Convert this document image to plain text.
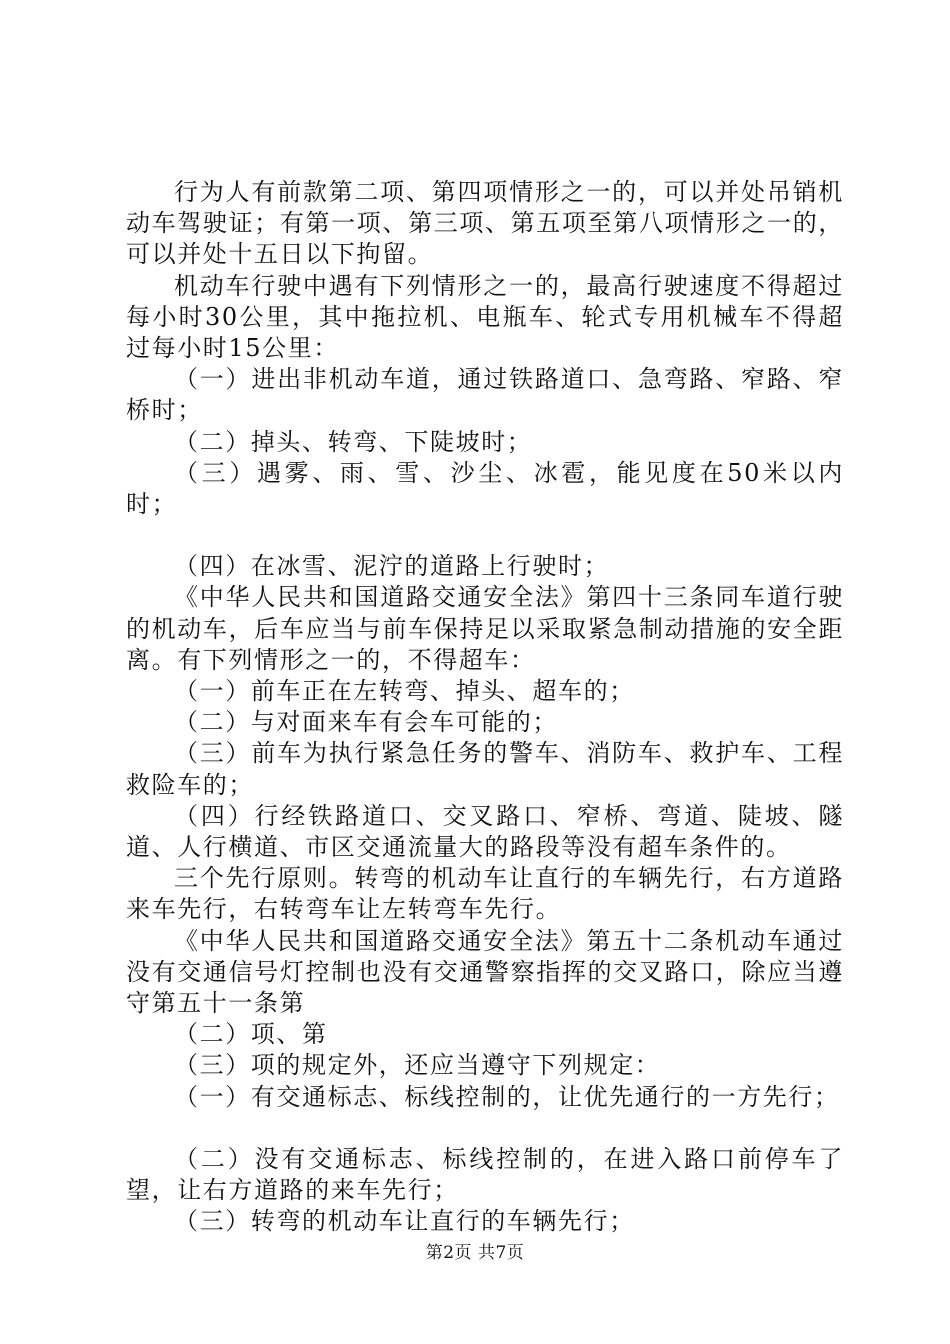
行为人有前款第二项、第四项情形之一的，可以并处吊销机动车驾驶证；有第一项、第三项、第五项至第八项情形之一的，可以并处十五日以下拘留。

机动车行驶中遇有下列情形之一的，最高行驶速度不得超过每小时30公里，其中拖拉机、电瓶车、轮式专用机械车不得超过每小时15公里：

（一）进出非机动车道，通过铁路道口、急弯路、窄路、窄桥时；

（二）掉头、转弯、下陡坡时；

（三）遇雾、雨、雪、沙尘、冰雹，能见度在50米以内时；

（四）在冰雪、泥泞的道路上行驶时；

《中华人民共和国道路交通安全法》第四十三条同车道行驶的机动车，后车应当与前车保持足以采取紧急制动措施的安全距离。有下列情形之一的，不得超车：

（一）前车正在左转弯、掉头、超车的；

（二）与对面来车有会车可能的；

（三）前车为执行紧急任务的警车、消防车、救护车、工程救险车的；

（四）行经铁路道口、交叉路口、窄桥、弯道、陡坡、隧道、人行横道、市区交通流量大的路段等没有超车条件的。

三个先行原则。转弯的机动车让直行的车辆先行，右方道路来车先行，右转弯车让左转弯车先行。

《中华人民共和国道路交通安全法》第五十二条机动车通过没有交通信号灯控制也没有交通警察指挥的交叉路口，除应当遵守第五十一条第

（二）项、第

（三）项的规定外，还应当遵守下列规定：

（一）有交通标志、标线控制的，让优先通行的一方先行；

（二）没有交通标志、标线控制的，在进入路口前停车了望，让右方道路的来车先行；

（三）转弯的机动车让直行的车辆先行；

第2页 共7页
